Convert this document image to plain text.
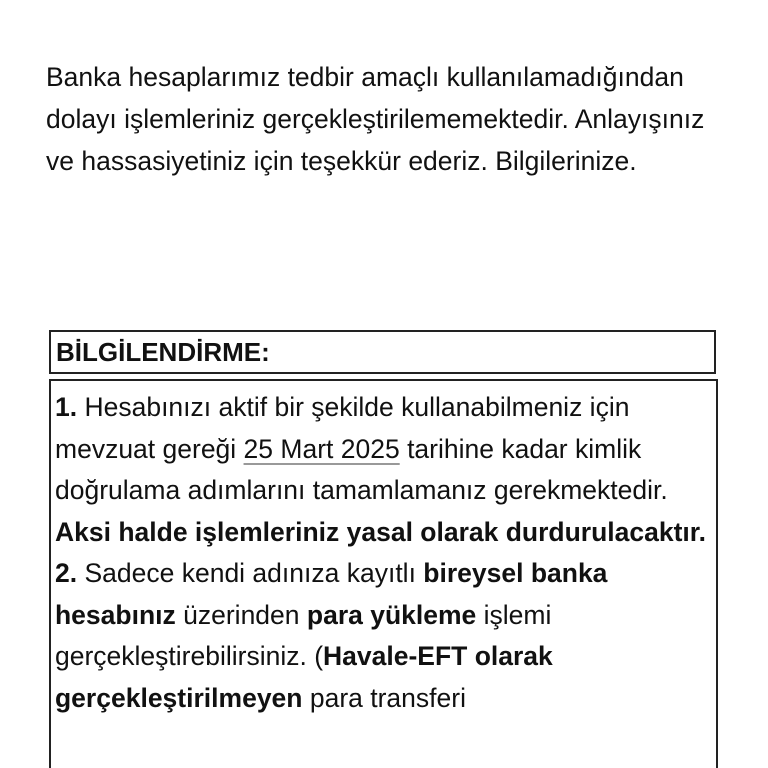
Banka hesaplarımız tedbir amaçlı kullanılamadığından dolayı işlemleriniz gerçekleştirilememektedir. Anlayışınız ve hassasiyetiniz için teşekkür ederiz. Bilgilerinize.

BİLGİLENDİRME:

1. Hesabınızı aktif bir şekilde kullanabilmeniz için mevzuat gereği 25 Mart 2025 tarihine kadar kimlik doğrulama adımlarını tamamlamanız gerekmektedir. Aksi halde işlemleriniz yasal olarak durdurulacaktır.

2. Sadece kendi adınıza kayıtlı bireysel banka hesabınız üzerinden para yükleme işlemi gerçekleştirebilirsiniz. (Havale-EFT olarak gerçekleştirilmeyen para transferi
